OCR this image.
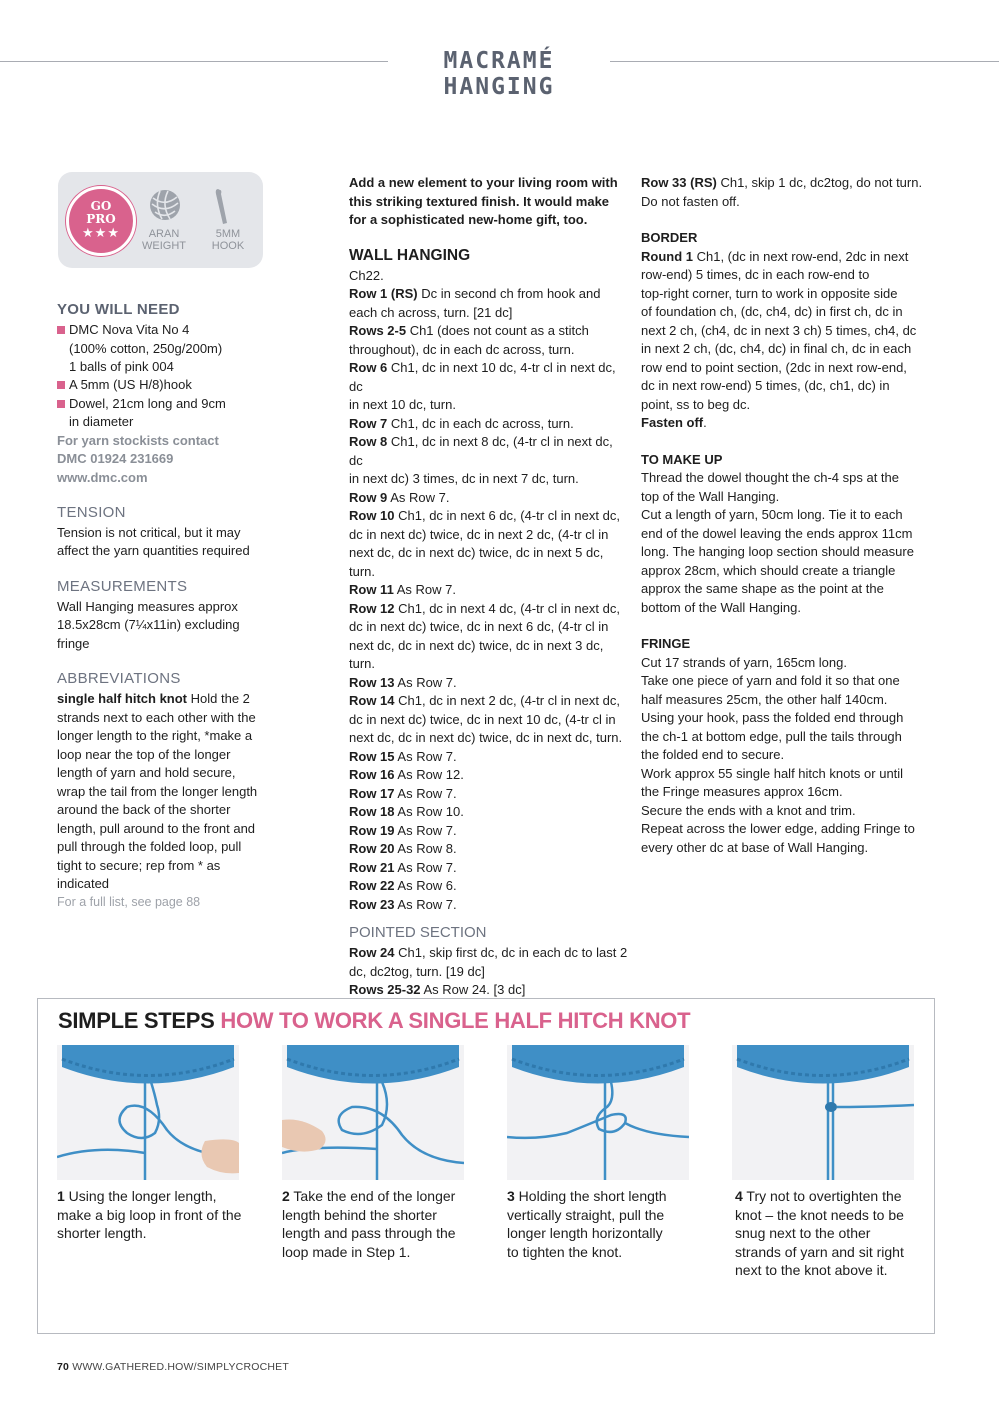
MACRAMÉ HANGING
GO
PRO
★★★	ARAN
WEIGHT
5MM
HOOK
YOU WILL NEED
DMC Nova Vita No 4
(100% cotton, 250g/200m)
1 balls of pink 004
A 5mm (US H/8)hook
Dowel, 21cm long and 9cm
in diameter
For yarn stockists contact
DMC 01924 231669
www.dmc.com
TENSION
Tension is not critical, but it may
affect the yarn quantities required
MEASUREMENTS
Wall Hanging measures approx
18.5x28cm (7¼x11in) excluding
fringe
ABBREVIATIONS
single half hitch knot Hold the 2
strands next to each other with the
longer length to the right, *make a
loop near the top of the longer
length of yarn and hold secure,
wrap the tail from the longer length
around the back of the shorter
length, pull around to the front and
pull through the folded loop, pull
tight to secure; rep from * as
indicated
For a full list, see page 88

Add a new element to your living room with

this striking textured finish. It would make

for a sophisticated new-home gift, too.

WALL HANGING

Ch22.

Row 1 (RS) Dc in second ch from hook and

each ch across, turn. [21 dc]

Rows 2-5 Ch1 (does not count as a stitch

throughout), dc in each dc across, turn.

Row 6 Ch1, dc in next 10 dc, 4-tr cl in next dc, dc

in next 10 dc, turn.

Row 7 Ch1, dc in each dc across, turn.

Row 8 Ch1, dc in next 8 dc, (4-tr cl in next dc, dc

in next dc) 3 times, dc in next 7 dc, turn.

Row 9 As Row 7.

Row 10 Ch1, dc in next 6 dc, (4-tr cl in next dc,

dc in next dc) twice, dc in next 2 dc, (4-tr cl in

next dc, dc in next dc) twice, dc in next 5 dc,

turn.

Row 11 As Row 7.

Row 12 Ch1, dc in next 4 dc, (4-tr cl in next dc,

dc in next dc) twice, dc in next 6 dc, (4-tr cl in

next dc, dc in next dc) twice, dc in next 3 dc,

turn.

Row 13 As Row 7.

Row 14 Ch1, dc in next 2 dc, (4-tr cl in next dc,

dc in next dc) twice, dc in next 10 dc, (4-tr cl in

next dc, dc in next dc) twice, dc in next dc, turn.

Row 15 As Row 7.

Row 16 As Row 12.

Row 17 As Row 7.

Row 18 As Row 10.

Row 19 As Row 7.

Row 20 As Row 8.

Row 21 As Row 7.

Row 22 As Row 6.

Row 23 As Row 7.

POINTED SECTION

Row 24 Ch1, skip first dc, dc in each dc to last 2

dc, dc2tog, turn. [19 dc]

Rows 25-32 As Row 24. [3 dc]

Row 33 (RS) Ch1, skip 1 dc, dc2tog, do not turn.

Do not fasten off.

BORDER

Round 1 Ch1, (dc in next row-end, 2dc in next

row-end) 5 times, dc in each row-end to

top-right corner, turn to work in opposite side

of foundation ch, (dc, ch4, dc) in first ch, dc in

next 2 ch, (ch4, dc in next 3 ch) 5 times, ch4, dc

in next 2 ch, (dc, ch4, dc) in final ch, dc in each

row end to point section, (2dc in next row-end,

dc in next row-end) 5 times, (dc, ch1, dc) in

point, ss to beg dc.

Fasten off.

TO MAKE UP

Thread the dowel thought the ch-4 sps at the

top of the Wall Hanging.

Cut a length of yarn, 50cm long. Tie it to each

end of the dowel leaving the ends approx 11cm

long. The hanging loop section should measure

approx 28cm, which should create a triangle

approx the same shape as the point at the

bottom of the Wall Hanging.

FRINGE

Cut 17 strands of yarn, 165cm long.

Take one piece of yarn and fold it so that one

half measures 25cm, the other half 140cm.

Using your hook, pass the folded end through

the ch-1 at bottom edge, pull the tails through

the folded end to secure.

Work approx 55 single half hitch knots or until

the Fringe measures approx 16cm.

Secure the ends with a knot and trim.

Repeat across the lower edge, adding Fringe to

every other dc at base of Wall Hanging.

SIMPLE STEPS HOW TO WORK A SINGLE HALF HITCH KNOT
1 Using the longer length,
make a big loop in front of the
shorter length.
2 Take the end of the longer
length behind the shorter
length and pass through the
loop made in Step 1.
3 Holding the short length
vertically straight, pull the
longer length horizontally
to tighten the knot.
4 Try not to overtighten the
knot – the knot needs to be
snug next to the other
strands of yarn and sit right
next to the knot above it.
70 WWW.GATHERED.HOW/SIMPLYCROCHET
